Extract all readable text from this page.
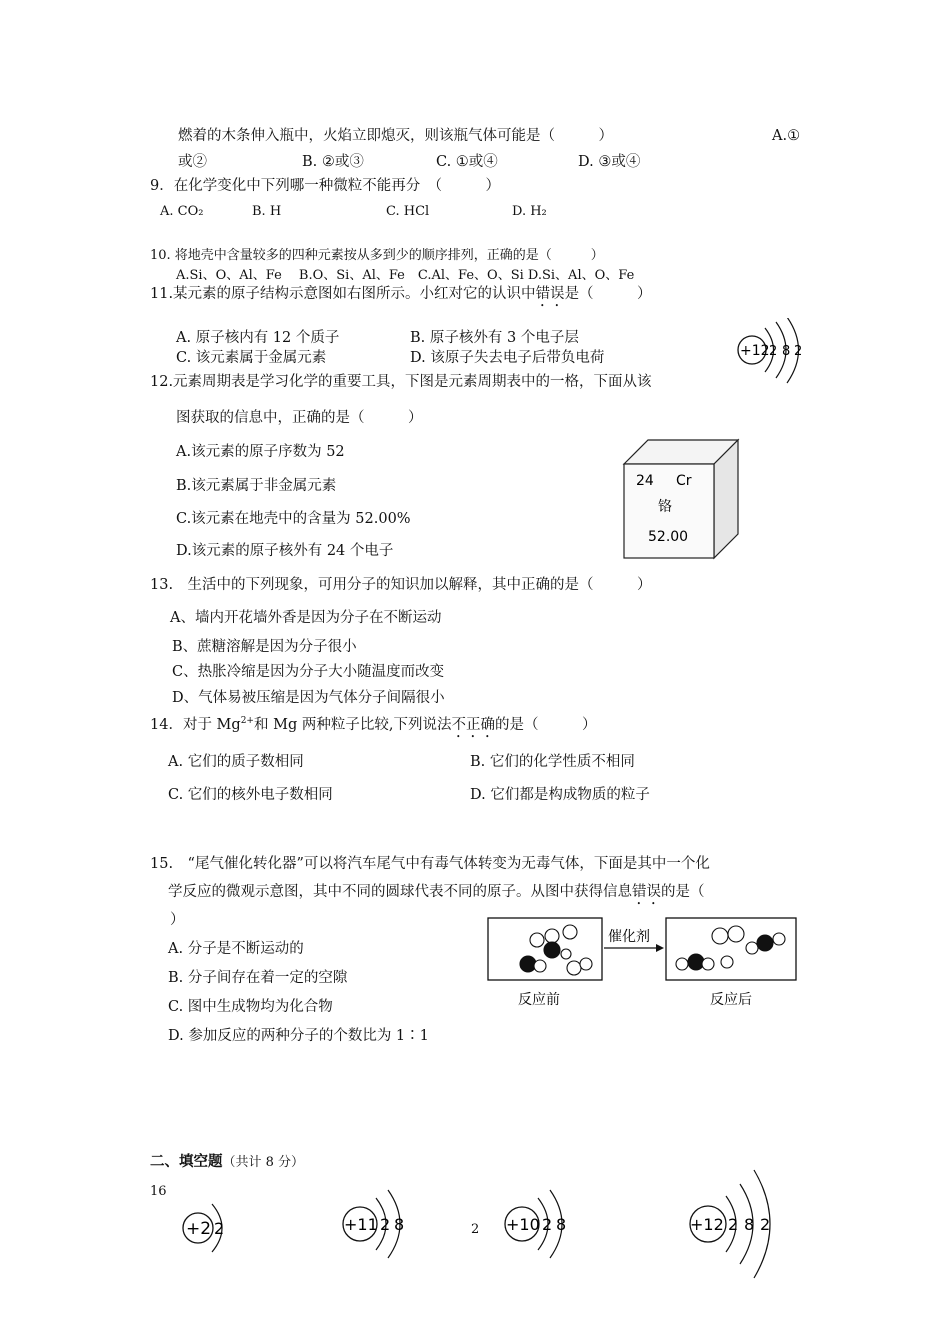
燃着的木条伸入瓶中，火焰立即熄灭，则该瓶气体可能是（　　　）	A.①
或②	B. ②或③	C. ①或④	D. ③或④
9．在化学变化中下列哪一种微粒不能再分　（　　　）
A. CO₂	B. H	C. HCl	D. H₂
10. 将地壳中含量较多的四种元素按从多到少的顺序排列，正确的是（　　　）
A.Si、O、Al、Fe　 B.O、Si、Al、Fe　C.Al、Fe、O、Si D.Si、Al、O、Fe
11.某元素的原子结构示意图如右图所示。小红对它的认识中错误是（　　　）
A. 原子核内有 12 个质子	B. 原子核外有 3 个电子层
C. 该元素属于金属元素	D. 该原子失去电子后带负电荷	+12 2 8 2
12.元素周期表是学习化学的重要工具，下图是元素周期表中的一格，下面从该
图获取的信息中，正确的是（　　　）
A.该元素的原子序数为 52
B.该元素属于非金属元素
C.该元素在地壳中的含量为 52.00%
D.该元素的原子核外有 24 个电子
24 Cr
铬
52.00
13.　生活中的下列现象，可用分子的知识加以解释，其中正确的是（　　　）
A、墙内开花墙外香是因为分子在不断运动
B、蔗糖溶解是因为分子很小
C、热胀冷缩是因为分子大小随温度而改变
D、气体易被压缩是因为气体分子间隔很小
14．对于 $Mg^{2+}$和 Mg 两种粒子比较,下列说法不正确的是（　　　）
A. 它们的质子数相同	B. 它们的化学性质不相同
C. 它们的核外电子数相同	D. 它们都是构成物质的粒子
15.　“尾气催化转化器”可以将汽车尾气中有毒气体转变为无毒气体，下面是其中一个化
学反应的微观示意图，其中不同的圆球代表不同的原子。从图中获得信息错误的是（
）
A. 分子是不断运动的
B. 分子间存在着一定的空隙
C. 图中生成物均为化合物
D. 参加反应的两种分子的个数比为 1∶1
催化剂
反应前	反应后
二、填空题（共计 8 分）
16
+2 2	+11 2 8	+10 2 8	+12 2 8 2
2
